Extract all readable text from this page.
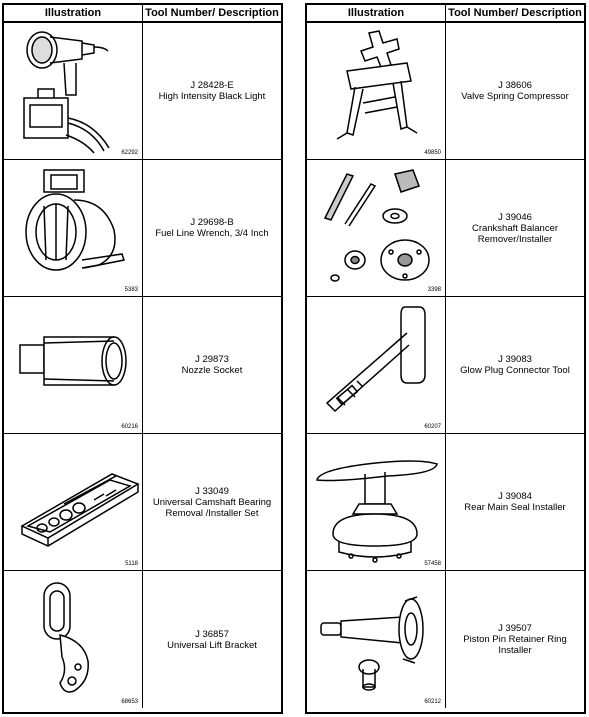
Illustration	Tool Number/ Description
62292
J 28428-E
High Intensity Black Light
5383
J 29698-B
Fuel Line Wrench, 3/4 Inch
60216
J 29873
Nozzle Socket
5118
J 33049
Universal Camshaft Bearing
Removal /Installer Set
68653
J 36857
Universal Lift Bracket
Illustration	Tool Number/ Description
49850
J 38606
Valve Spring Compressor
3398
J 39046
Crankshaft Balancer
Remover/Installer
60207
J 39083
Glow Plug Connector Tool
57458
J 39084
Rear Main Seal Installer
60212
J 39507
Piston Pin Retainer Ring
Installer
